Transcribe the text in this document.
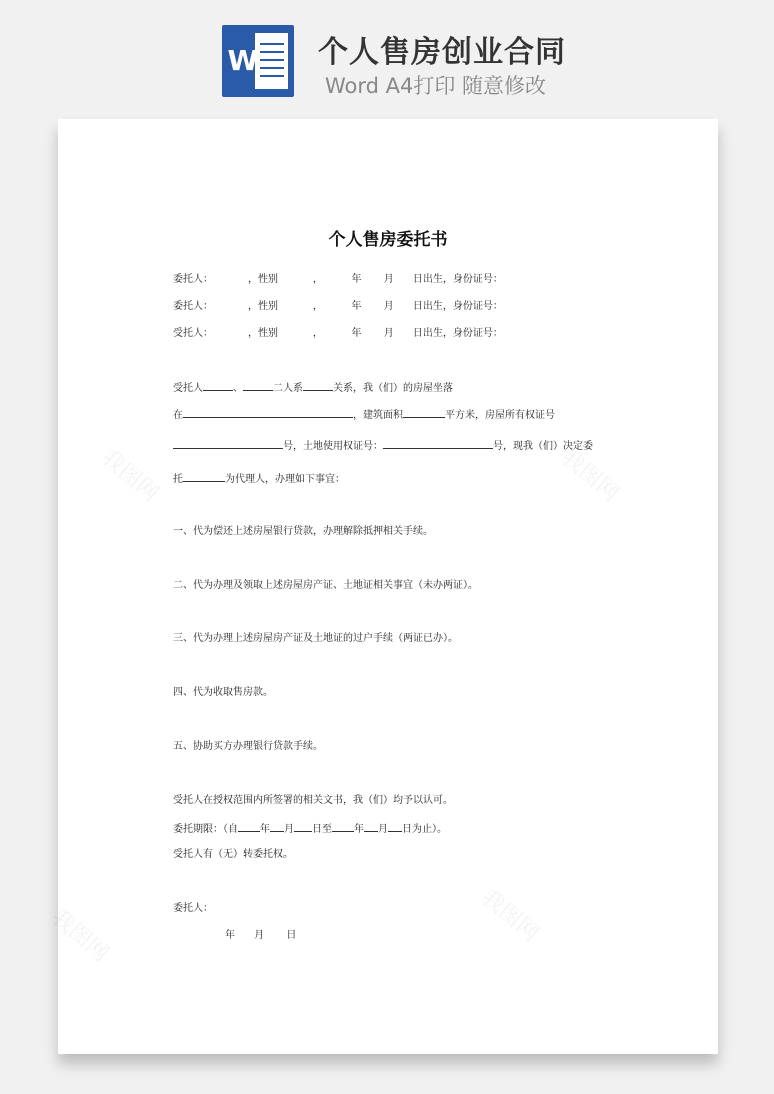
W 个人售房创业合同
Word A4打印 随意修改
我图网	我图网
我图网	我图网
个人售房委托书
委托人：           ，性别           ，         年       月      日出生，身份证号：
委托人：           ，性别           ，         年       月      日出生，身份证号：
受托人：           ，性别           ，         年       月      日出生，身份证号：
受托人	、	二人系	关系，我（们）的房屋坐落
在	，建筑面积	平方米，房屋所有权证号
号，土地使用权证号：	号，现我（们）决定委
托	为代理人，办理如下事宜：
一、代为偿还上述房屋银行贷款，办理解除抵押相关手续。
二、代为办理及领取上述房屋房产证、土地证相关事宜（未办两证）。
三、代为办理上述房屋房产证及土地证的过户手续（两证已办）。
四、代为收取售房款。
五、协助买方办理银行贷款手续。
受托人在授权范围内所签署的相关文书，我（们）均予以认可。
委托期限：（自 年 月 日至 年 月 日为止）。
受托人有（无）转委托权。
委托人：
年      月       日
